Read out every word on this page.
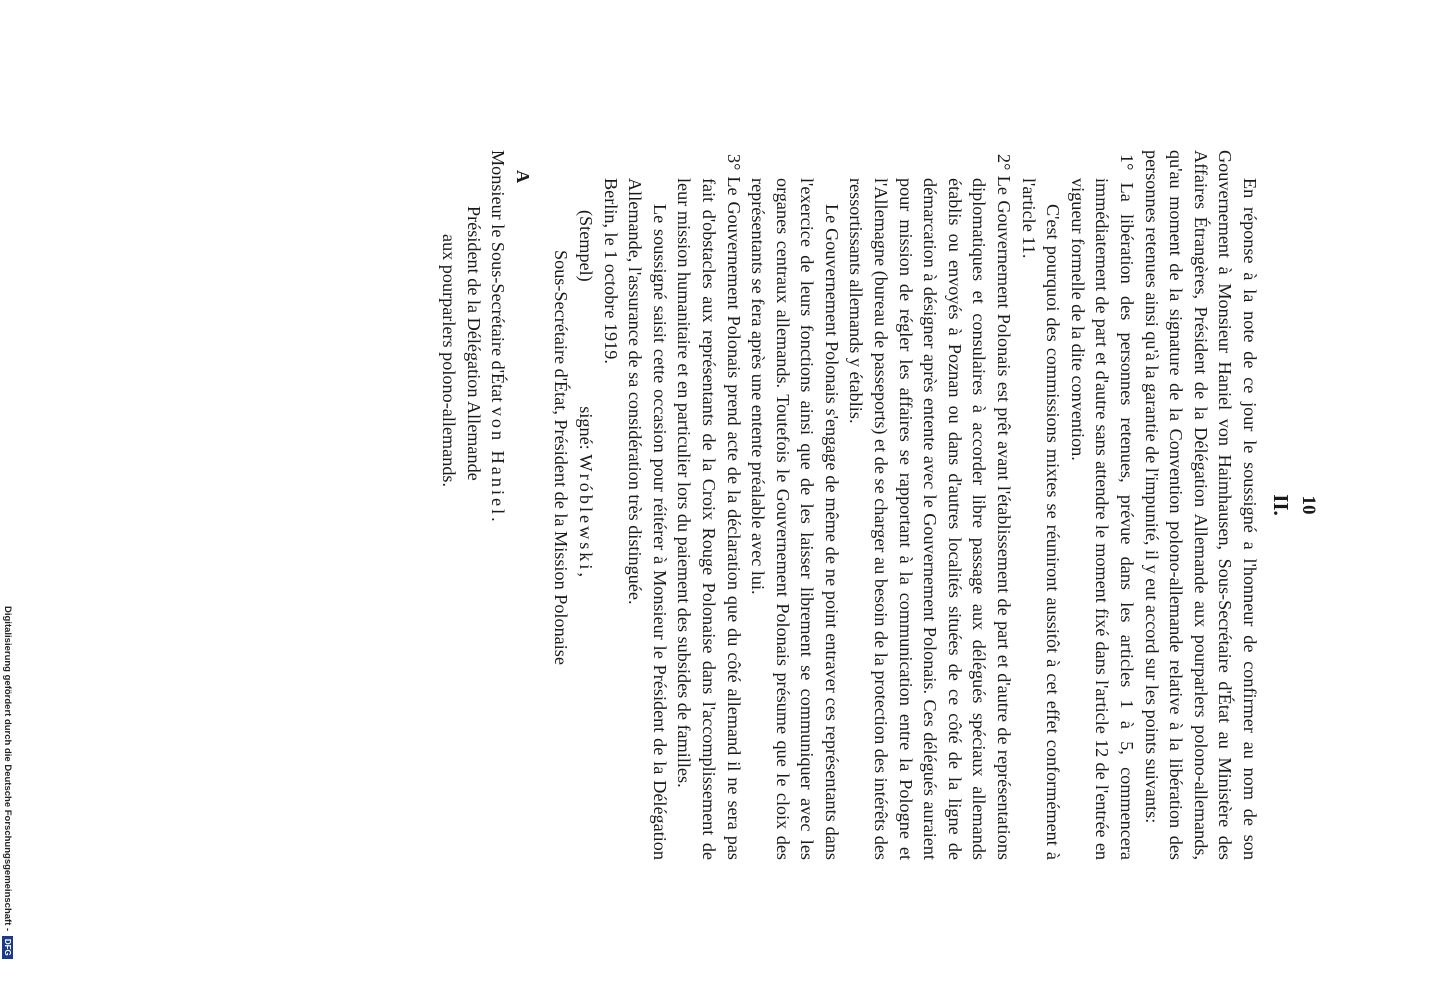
10
II.

En réponse à la note de ce jour le soussigné a l'honneur de confirmer au nom de son Gouvernement à Monsieur Haniel von Haimhausen, Sous-Secrétaire d'État au Ministère des Affaires Étrangères, Président de la Délégation Allemande aux pourparlers polono-allemands, qu'au moment de la signature de la Convention polono-allemande relative à la libération des personnes retenues ainsi qu'à la garantie de l'impunité, il y eut accord sur les points suivants:

1° La libération des personnes retenues, prévue dans les articles 1 à 5, commencera immédiatement de part et d'autre sans attendre le moment fixé dans l'article 12 de l'entrée en vigueur formelle de la dite convention.

C'est pourquoi des commissions mixtes se réuniront aussitôt à cet effet conformément à l'article 11.

2° Le Gouvernement Polonais est prêt avant l'établissement de part et d'autre de représentations diplomatiques et consulaires à accorder libre passage aux délégués spéciaux allemands établis ou envoyés à Poznan ou dans d'autres localités situées de ce côté de la ligne de démarcation à désigner après entente avec le Gouvernement Polonais. Ces délégués auraient pour mission de régler les affaires se rapportant à la communication entre la Pologne et l'Allemagne (bureau de passeports) et de se charger au besoin de la protection des intérêts des ressortissants allemands y établis.

Le Gouvernement Polonais s'engage de même de ne point entraver ces représentants dans l'exercice de leurs fonctions ainsi que de les laisser librement se communiquer avec les organes centraux allemands. Toutefois le Gouvernement Polonais présume que le cloix des représentants se fera après une entente préalable avec lui.

3° Le Gouvernement Polonais prend acte de la déclaration que du côté allemand il ne sera pas fait d'obstacles aux représentants de la Croix Rouge Polonaise dans l'accomplissement de leur mission humanitaire et en particulier lors du paiement des subsides de familles.

Le soussigné saisit cette occasion pour réitérer à Monsieur le Président de la Délégation Allemande, l'assurance de sa considération très distinguée.

Berlin, le 1 octobre 1919.

(Stempel) signé: Wróblewski,

Sous-Secrétaire d'État, Président de la Mission Polonaise

A

Monsieur le Sous-Secrétaire d'État von Haniel.

Président de la Délégation Allemande

aux pourparlers polono-allemands.

Digitalisierung gefördert durch die Deutsche Forschungsgemeinschaft - DFG
